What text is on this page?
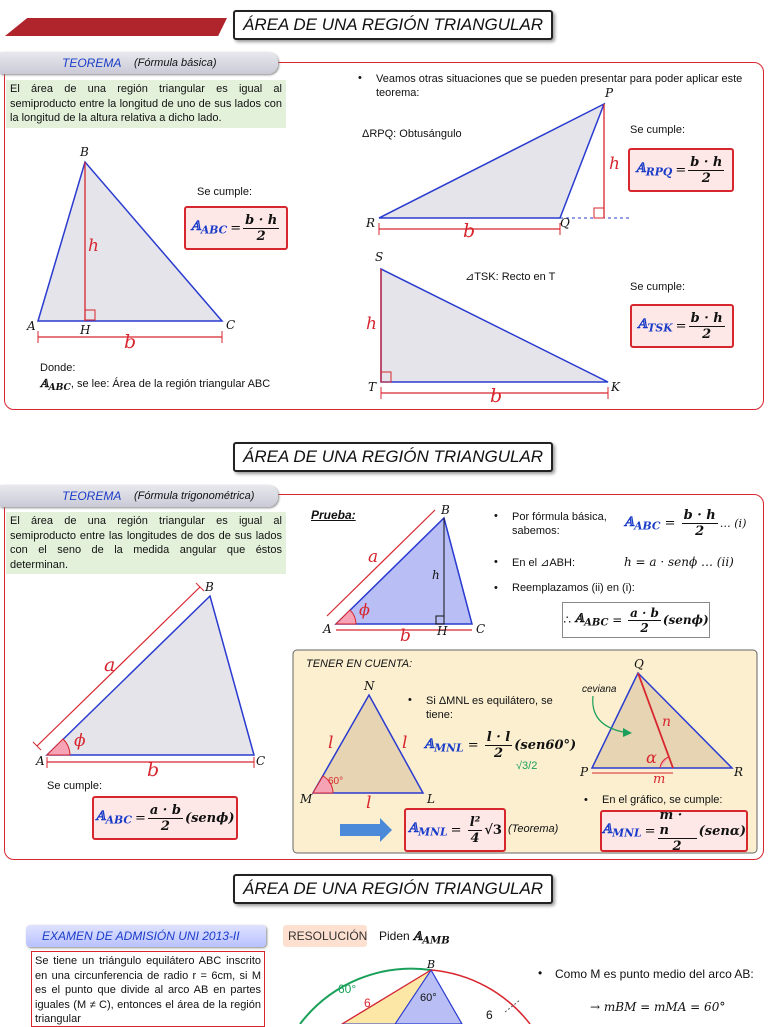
ÁREA DE UNA REGIÓN TRIANGULAR
TEOREMA (Fórmula básica)
El área de una región triangular es igual al semiproducto entre la longitud de uno de sus lados con la longitud de la altura relativa a dicho lado.
B
A	H	C
h
b
Se cumple:
𝔸$_{ABC}$ = $\frac{b \cdot h}{2}$
Donde:
𝔸$_{ABC}$, se lee: Área de la región triangular ABC
• Veamos otras situaciones que se pueden presentar para poder aplicar este teorema:
ΔRPQ: Obtusángulo
P
R	Q
h
b
Se cumple:
𝔸$_{RPQ}$ = $\frac{b \cdot h}{2}$
S
⊿TSK: Recto en T
T	K
h
b
Se cumple:
𝔸$_{TSK}$ = $\frac{b \cdot h}{2}$
ÁREA DE UNA REGIÓN TRIANGULAR
TEOREMA (Fórmula trigonométrica)
El área de una región triangular es igual al semiproducto entre las longitudes de dos de sus lados con el seno de la medida angular que éstos determinan.
B
A	C
a
b
ϕ
Se cumple:
𝔸$_{ABC}$ = $\frac{a \cdot b}{2} (sen\phi)$
Prueba:	B
A	H C
a
b
h
ϕ
• Por fórmula básica, sabemos:
𝔸$_{ABC}$ = $\frac{b \cdot h}{2}$ … (i)
• En el ⊿ABH:	h = a · senϕ … (ii)
• Reemplazamos (ii) en (i):
∴ 𝔸$_{ABC}$ = $\frac{a \cdot b}{2} (sen\phi)$
TENER EN CUENTA:
N
M	L
l	l
l
60°
• Si ΔMNL es equilátero, se tiene:
𝔸$_{MNL}$ = $\frac{l \cdot l}{2} (sen60^\circ)$
√3/2
𝔸$_{MNL}$ = $\frac{\text{l²}}{4} √3$ (Teorema)
ceviana
Q
P	R
n
α
m
• En el gráfico, se cumple:
𝔸$_{MNL}$ = $\frac{m \cdot n}{2} (sen\alpha)$
ÁREA DE UNA REGIÓN TRIANGULAR
EXAMEN DE ADMISIÓN UNI 2013-II
Se tiene un triángulo equilátero ABC inscrito en una circunferencia de radio r = 6cm, si M es el punto que divide al arco AB en partes iguales (M ≠ C), entonces el área de la región triangular
RESOLUCIÓN Piden 𝔸$_{AMB}$
B
60°
60°
6
6
• Como M es punto medio del arco AB:
→ mBM = mMA = 60°
